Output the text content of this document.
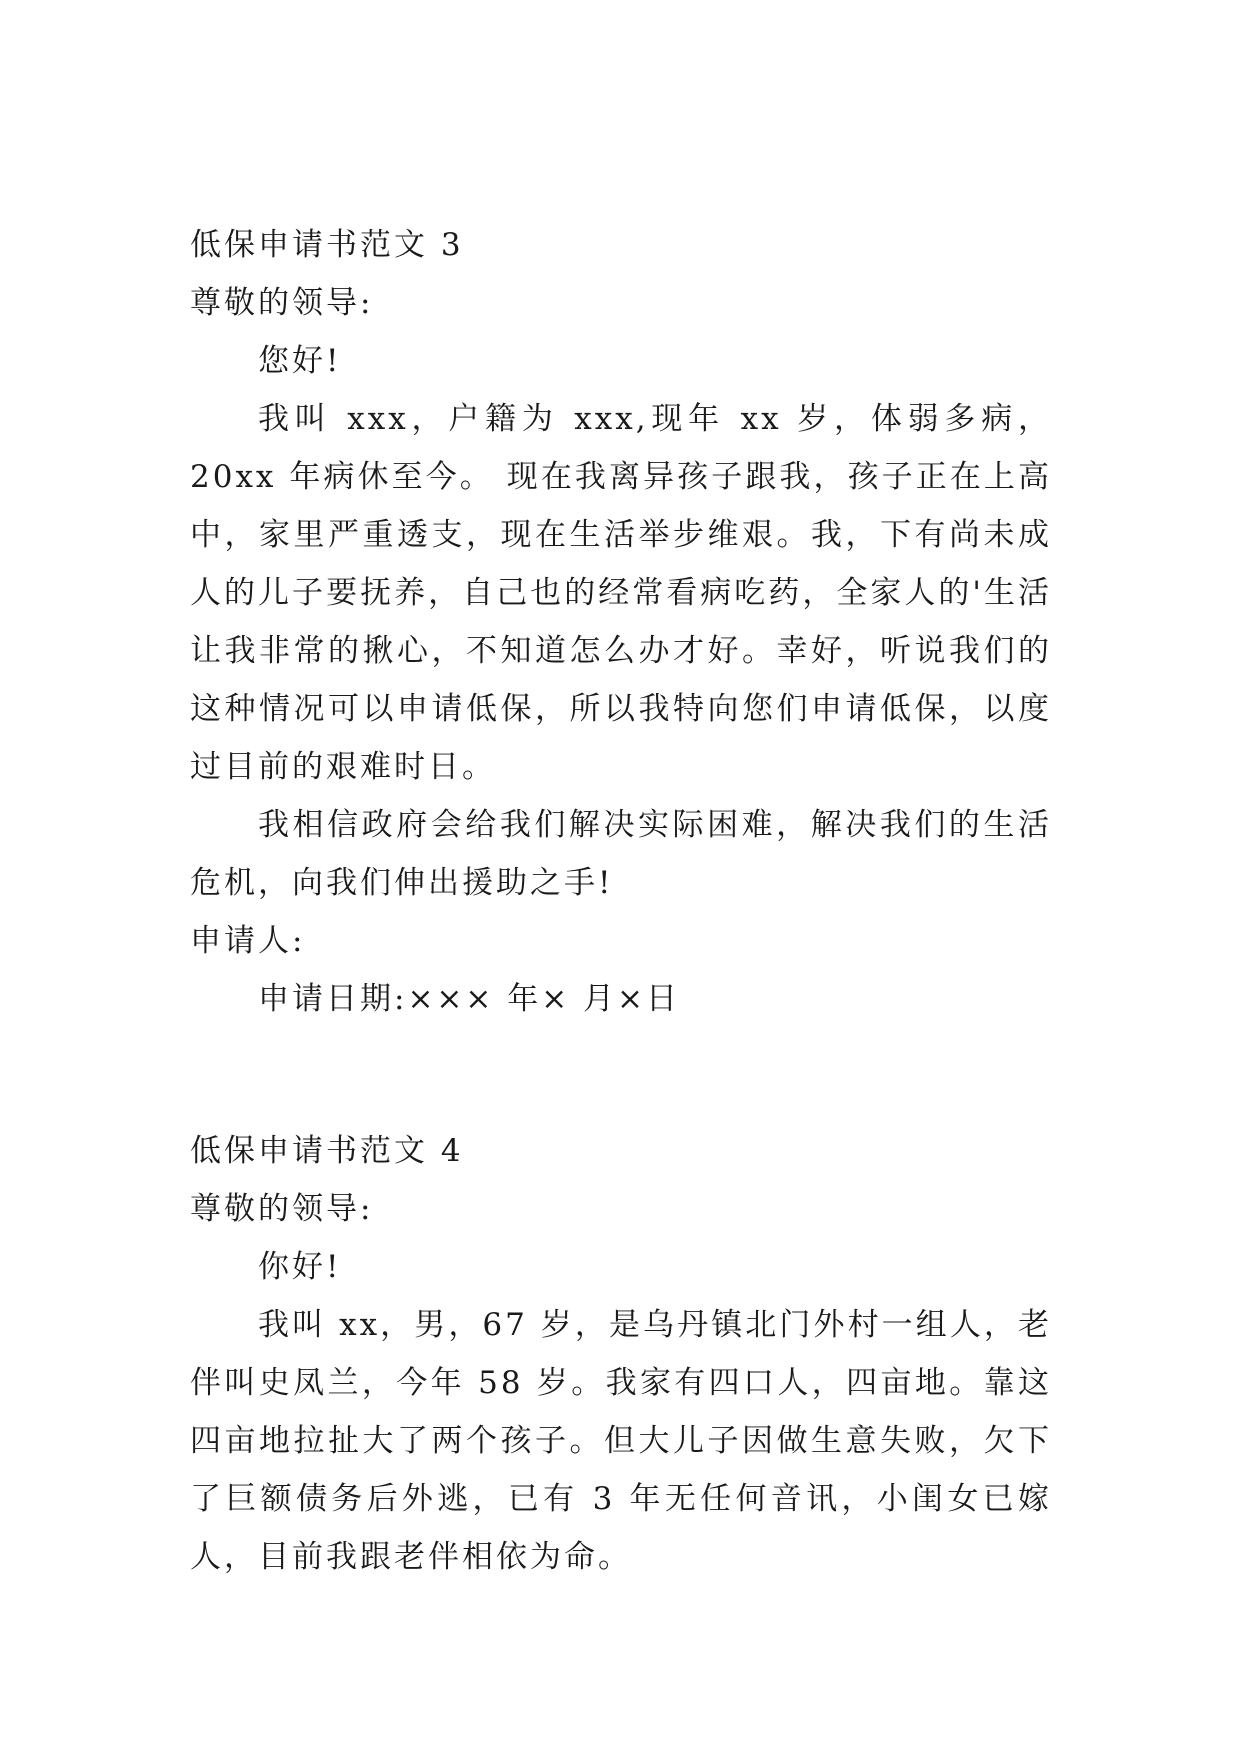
低保申请书范文 3
尊敬的领导:
您好!

我叫 xxx，户籍为 xxx,现年 xx 岁，体弱多病，20xx 年病休至今。 现在我离异孩子跟我，孩子正在上高中，家里严重透支，现在生活举步维艰。我，下有尚未成人的儿子要抚养，自己也的经常看病吃药，全家人的'生活让我非常的揪心，不知道怎么办才好。幸好，听说我们的这种情况可以申请低保，所以我特向您们申请低保，以度过目前的艰难时日。

我相信政府会给我们解决实际困难，解决我们的生活危机，向我们伸出援助之手!

申请人:
申请日期:××× 年× 月×日
低保申请书范文 4
尊敬的领导:
你好!

我叫 xx，男，67 岁，是乌丹镇北门外村一组人，老伴叫史凤兰，今年 58 岁。我家有四口人，四亩地。靠这四亩地拉扯大了两个孩子。但大儿子因做生意失败，欠下了巨额债务后外逃，已有 3 年无任何音讯，小闺女已嫁人，目前我跟老伴相依为命。
